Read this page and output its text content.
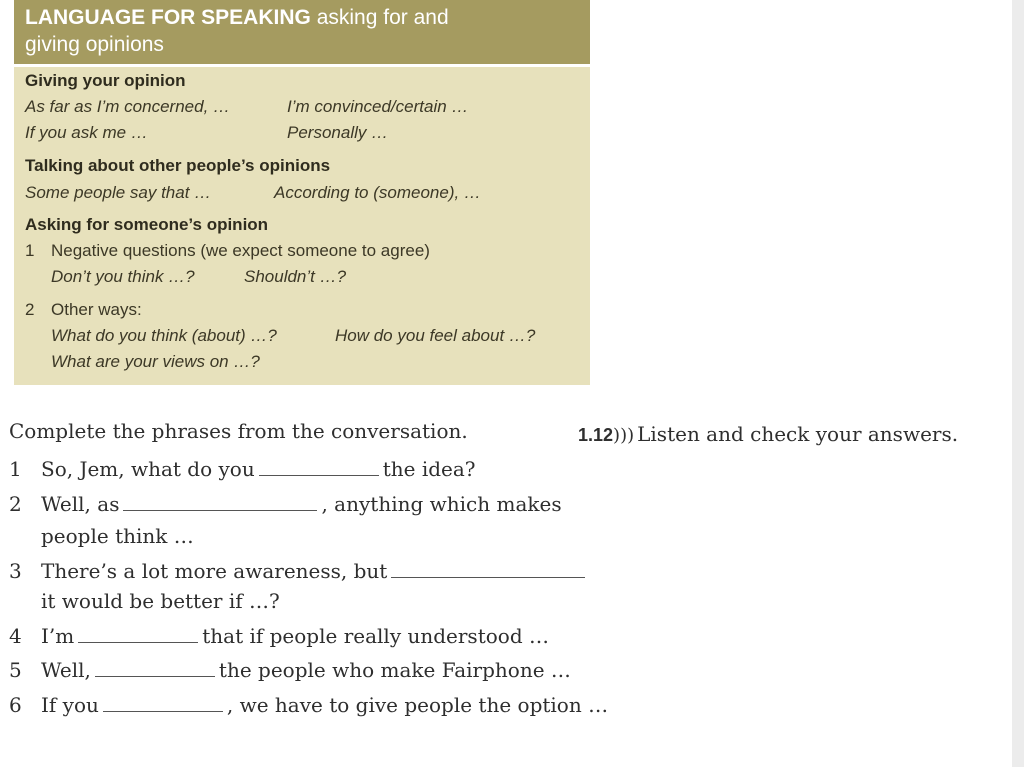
LANGUAGE FOR SPEAKING asking for and
giving opinions
Giving your opinion
As far as I’m concerned, …	I’m convinced/certain …
If you ask me …	Personally …
Talking about other people’s opinions
Some people say that …	According to (someone), …
Asking for someone’s opinion
1 Negative questions (we expect someone to agree)
Don’t you think …?	Shouldn’t …?
2 Other ways:
What do you think (about) …?	How do you feel about …?
What are your views on …?
Complete the phrases from the conversation.	1.12))) Listen and check your answers.
1 So, Jem, what do you	the idea?
2 Well, as	, anything which makes
people think …
3 There’s a lot more awareness, but
it would be better if …?
4 I’m	that if people really understood …
5 Well,	the people who make Fairphone …
6 If you	, we have to give people the option …
